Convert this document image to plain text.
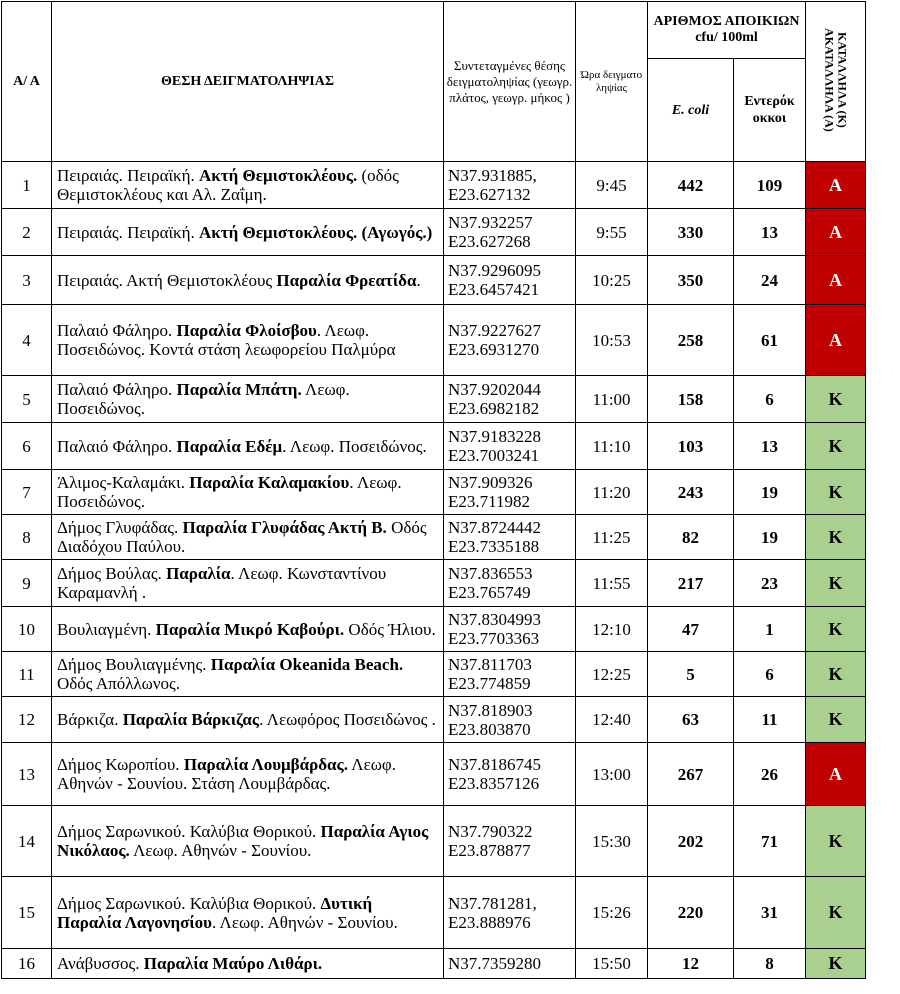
Α/ Α	ΘΕΣΗ ΔΕΙΓΜΑΤΟΛΗΨΙΑΣ	Συντεταγμένες θέσης δειγματοληψίας (γεωγρ. πλάτος, γεωγρ. μήκος )	Ώρα δειγματο ληψίας	ΑΡΙΘΜΟΣ ΑΠΟΙΚΙΩΝ cfu/ 100ml		ΚΑΤΑΛΛΗΛΑ (Κ)
ΑΚΑΤΑΛΛΗΛΑ (Α)
				E. coli	Εντερόκ οκκοι	
1	Πειραιάς. Πειραϊκή. Ακτή Θεμιστοκλέους. (οδός Θεμιστοκλέους και Αλ. Ζαΐμη.	N37.931885,
E23.627132	9:45	442	109	Α
2	Πειραιάς. Πειραϊκή. Ακτή Θεμιστοκλέους. (Αγωγός.)	N37.932257
E23.627268	9:55	330	13	Α
3	Πειραιάς. Ακτή Θεμιστοκλέους Παραλία Φρεατίδα.	N37.9296095
E23.6457421	10:25	350	24	Α
4	Παλαιό Φάληρο. Παραλία Φλοίσβου. Λεωφ. Ποσειδώνος. Κοντά στάση λεωφορείου Παλμύρα	N37.9227627
E23.6931270	10:53	258	61	Α
5	Παλαιό Φάληρο. Παραλία Μπάτη. Λεωφ. Ποσειδώνος.	N37.9202044
E23.6982182	11:00	158	6	Κ
6	Παλαιό Φάληρο. Παραλία Εδέμ. Λεωφ. Ποσειδώνος.	N37.9183228
E23.7003241	11:10	103	13	Κ
7	Άλιμος-Καλαμάκι. Παραλία Καλαμακίου. Λεωφ. Ποσειδώνος.	N37.909326
E23.711982	11:20	243	19	Κ
8	Δήμος Γλυφάδας. Παραλία Γλυφάδας Ακτή Β. Οδός Διαδόχου Παύλου.	N37.8724442
E23.7335188	11:25	82	19	Κ
9	Δήμος Βούλας. Παραλία. Λεωφ. Κωνσταντίνου Καραμανλή .	N37.836553
E23.765749	11:55	217	23	Κ
10	Βουλιαγμένη. Παραλία Μικρό Καβούρι. Οδός Ήλιου.	N37.8304993
E23.7703363	12:10	47	1	Κ
11	Δήμος Βουλιαγμένης. Παραλία Okeanida Beach. Οδός Απόλλωνος.	N37.811703
E23.774859	12:25	5	6	Κ
12	Βάρκιζα. Παραλία Βάρκιζας. Λεωφόρος Ποσειδώνος .	N37.818903
E23.803870	12:40	63	11	Κ
13	Δήμος Κωροπίου. Παραλία Λουμβάρδας. Λεωφ. Αθηνών - Σουνίου. Στάση Λουμβάρδας.	N37.8186745
E23.8357126	13:00	267	26	Α
14	Δήμος Σαρωνικού. Καλύβια Θορικού. Παραλία Αγιος Νικόλαος. Λεωφ. Αθηνών - Σουνίου.	N37.790322
E23.878877	15:30	202	71	Κ
15	Δήμος Σαρωνικού. Καλύβια Θορικού. Δυτική Παραλία Λαγονησίου. Λεωφ. Αθηνών - Σουνίου.	N37.781281,
E23.888976	15:26	220	31	Κ
16	Ανάβυσσος. Παραλία Μαύρο Λιθάρι.	N37.7359280	15:50	12	8	Κ
